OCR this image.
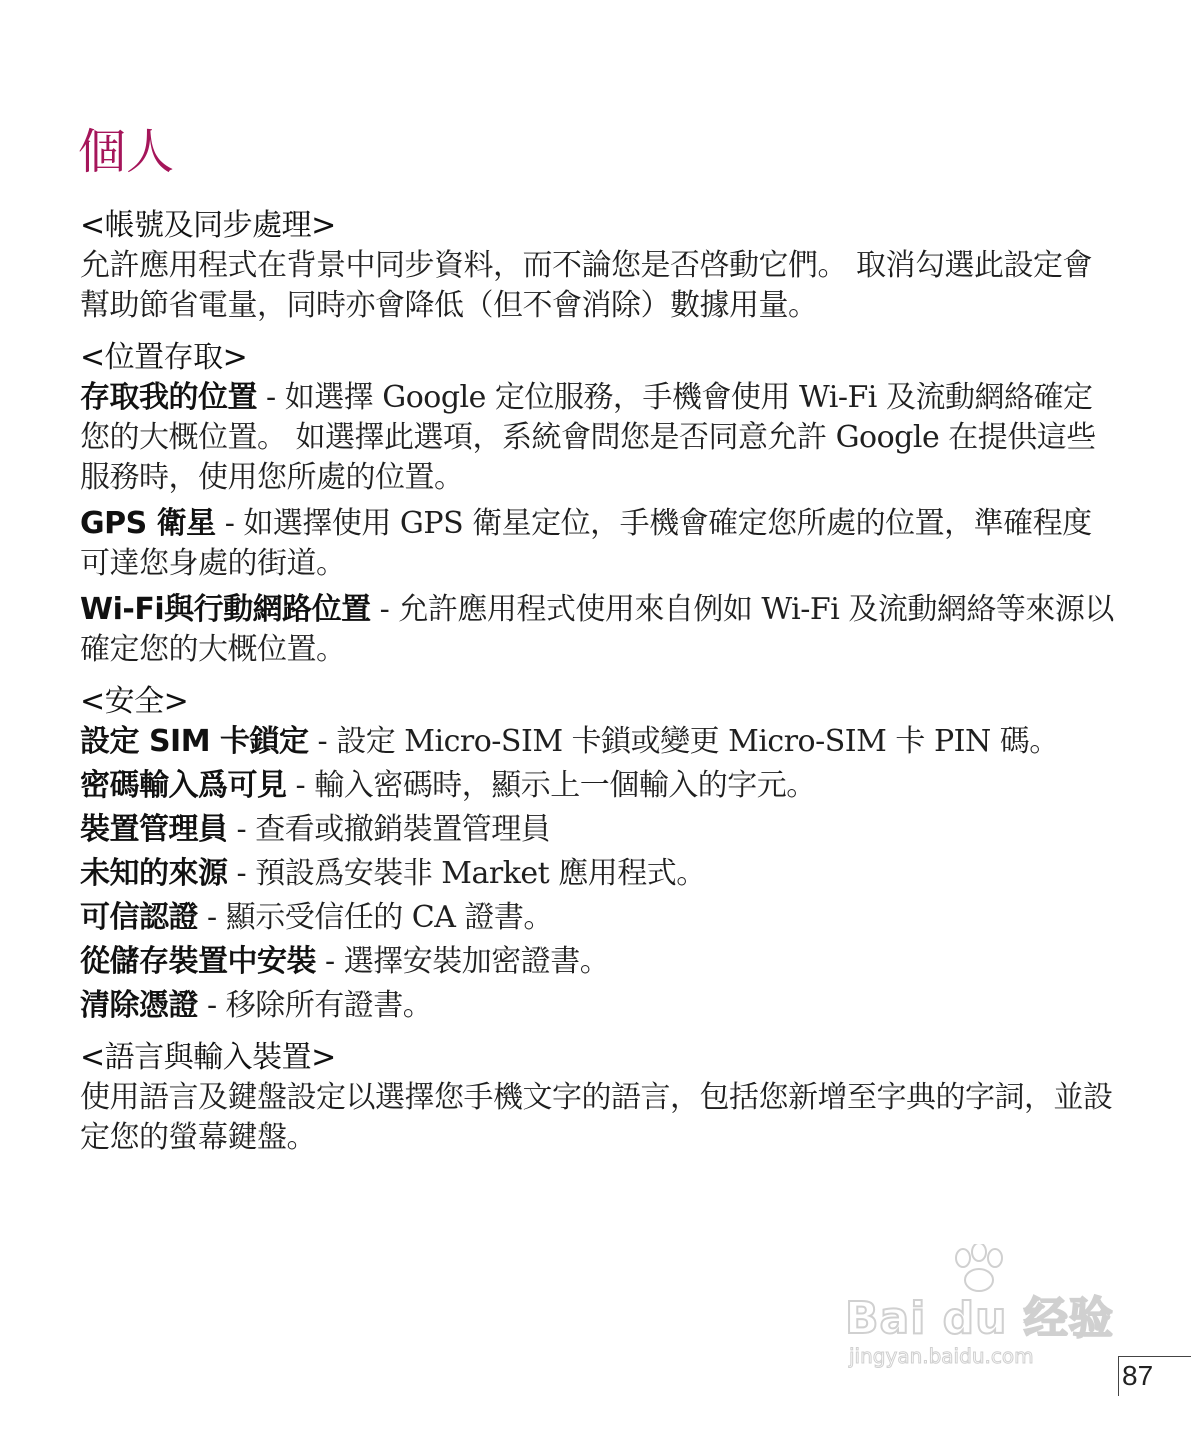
個人
<帳號及同步處理>

允許應用程式在背景中同步資料，而不論您是否啓動它們。 取消勾選此設定會幫助節省電量，同時亦會降低（但不會消除）數據用量。

<位置存取>

存取我的位置 - 如選擇 Google 定位服務，手機會使用 Wi-Fi 及流動網絡確定您的大概位置。 如選擇此選項，系統會問您是否同意允許 Google 在提供這些服務時，使用您所處的位置。

GPS 衛星 - 如選擇使用 GPS 衛星定位，手機會確定您所處的位置，準確程度可達您身處的街道。

Wi-Fi與行動網路位置 - 允許應用程式使用來自例如 Wi-Fi 及流動網絡等來源以確定您的大概位置。

<安全>

設定 SIM 卡鎖定 - 設定 Micro-SIM 卡鎖或變更 Micro-SIM 卡 PIN 碼。

密碼輸入爲可見 - 輸入密碼時，顯示上一個輸入的字元。

裝置管理員 - 查看或撤銷裝置管理員

未知的來源 - 預設爲安裝非 Market 應用程式。

可信認證 - 顯示受信任的 CA 證書。

從儲存裝置中安裝 - 選擇安裝加密證書。

清除憑證 - 移除所有證書。

<語言與輸入裝置>

使用語言及鍵盤設定以選擇您手機文字的語言，包括您新增至字典的字詞，並設定您的螢幕鍵盤。

Bai du 经验
jingyan.baidu.com
87
